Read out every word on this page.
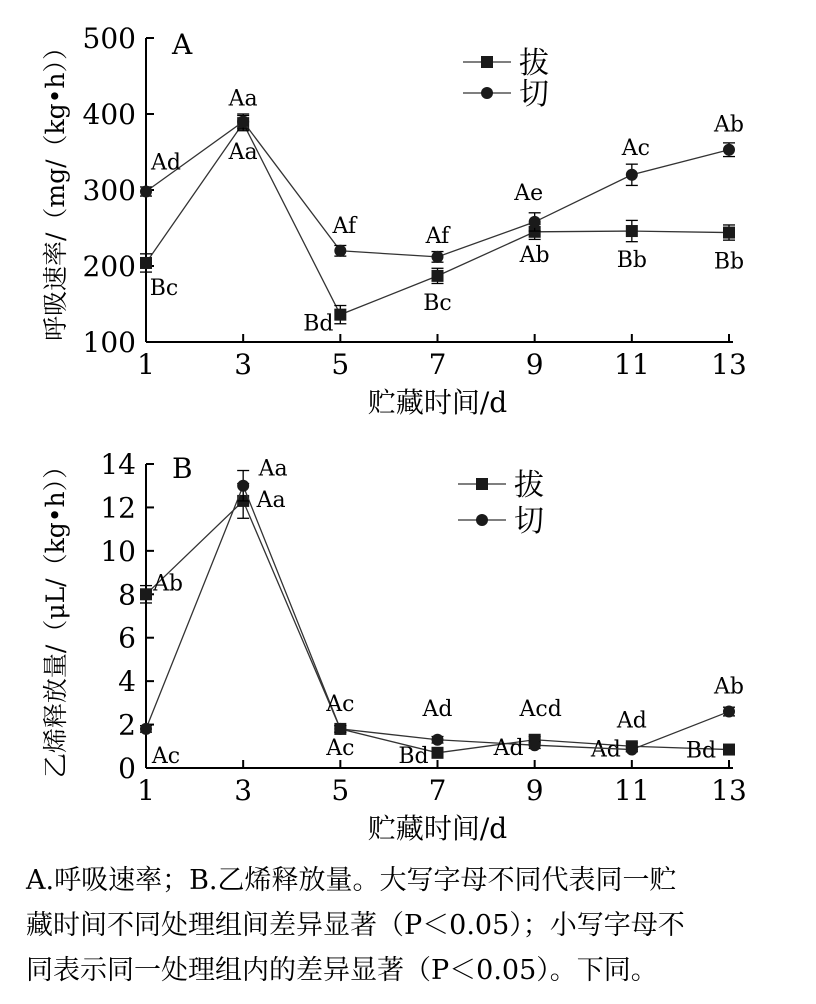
100
200
300
400
500
1	3	5	7	9	11 13
贮藏时间/d
呼吸速率/（mg/（kg•h））	A
Bc
Aa
Bd
Bc
Ab	Bb	Bb
拔
Ad
Aa
Af	Af
Ae
Ac
Ab
切
0
2
4
6
8
10
12
14
1	3	5	7	9	11 13
贮藏时间/d
乙烯释放量/（μL/（kg•h））	B
Ab
Aa
Ac Bd
Acd
Ad	Bd
拔
Ac
Aa
Ac	Ad
Ad
Ad
Ab
切

A.呼吸速率；B.乙烯释放量。大写字母不同代表同一贮

藏时间不同处理组间差异显著（P＜0.05）；小写字母不

同表示同一处理组内的差异显著（P＜0.05）。下同。
